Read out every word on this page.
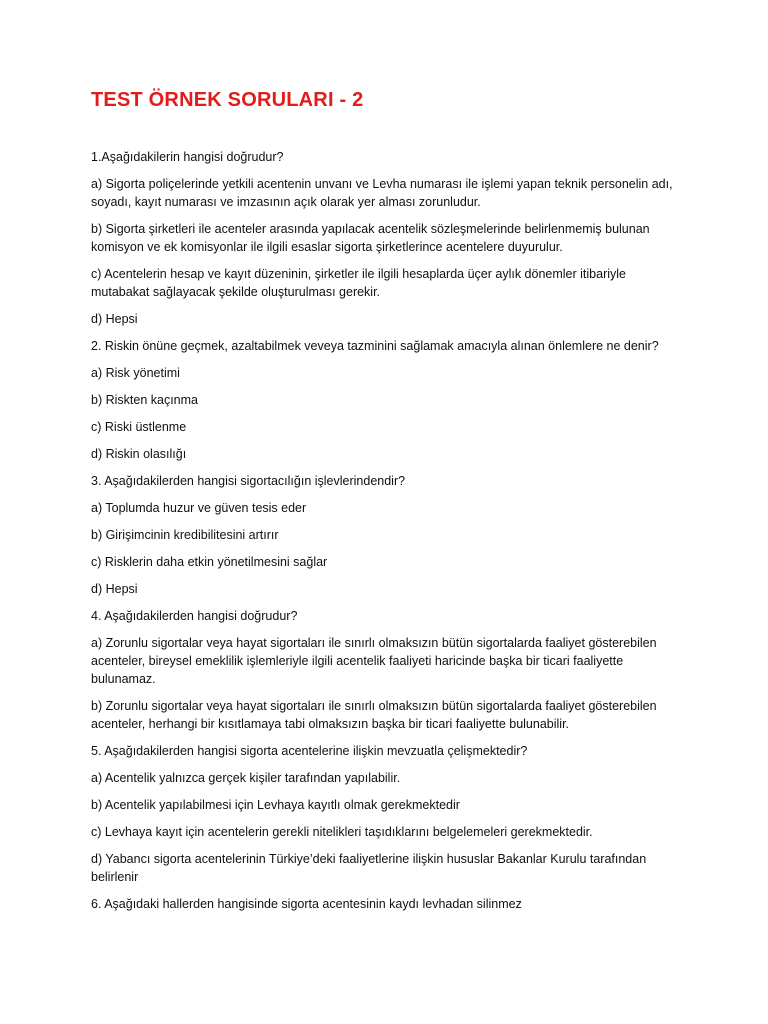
TEST ÖRNEK SORULARI - 2
1.Aşağıdakilerin hangisi doğrudur?
a) Sigorta poliçelerinde yetkili acentenin unvanı ve Levha numarası ile işlemi yapan teknik personelin adı, soyadı, kayıt numarası ve imzasının açık olarak yer alması zorunludur.
b) Sigorta şirketleri ile acenteler arasında yapılacak acentelik sözleşmelerinde belirlenmemiş bulunan komisyon ve ek komisyonlar ile ilgili esaslar sigorta şirketlerince acentelere duyurulur.
c) Acentelerin hesap ve kayıt düzeninin, şirketler ile ilgili hesaplarda üçer aylık dönemler itibariyle mutabakat sağlayacak şekilde oluşturulması gerekir.
d) Hepsi
2. Riskin önüne geçmek, azaltabilmek veveya tazminini sağlamak amacıyla alınan önlemlere ne denir?
a) Risk yönetimi
b) Riskten kaçınma
c) Riski üstlenme
d) Riskin olasılığı
3. Aşağıdakilerden hangisi sigortacılığın işlevlerindendir?
a) Toplumda huzur ve güven tesis eder
b) Girişimcinin kredibilitesini artırır
c) Risklerin daha etkin yönetilmesini sağlar
d) Hepsi
4. Aşağıdakilerden hangisi doğrudur?
a) Zorunlu sigortalar veya hayat sigortaları ile sınırlı olmaksızın bütün sigortalarda faaliyet gösterebilen acenteler, bireysel emeklilik işlemleriyle ilgili acentelik faaliyeti haricinde başka bir ticari faaliyette bulunamaz.
b) Zorunlu sigortalar veya hayat sigortaları ile sınırlı olmaksızın bütün sigortalarda faaliyet gösterebilen acenteler, herhangi bir kısıtlamaya tabi olmaksızın başka bir ticari faaliyette bulunabilir.
5. Aşağıdakilerden hangisi sigorta acentelerine ilişkin mevzuatla çelişmektedir?
a) Acentelik yalnızca gerçek kişiler tarafından yapılabilir.
b) Acentelik yapılabilmesi için Levhaya kayıtlı olmak gerekmektedir
c) Levhaya kayıt için acentelerin gerekli nitelikleri taşıdıklarını belgelemeleri gerekmektedir.
d) Yabancı sigorta acentelerinin Türkiye’deki faaliyetlerine ilişkin hususlar Bakanlar Kurulu tarafından belirlenir
6. Aşağıdaki hallerden hangisinde sigorta acentesinin kaydı levhadan silinmez
